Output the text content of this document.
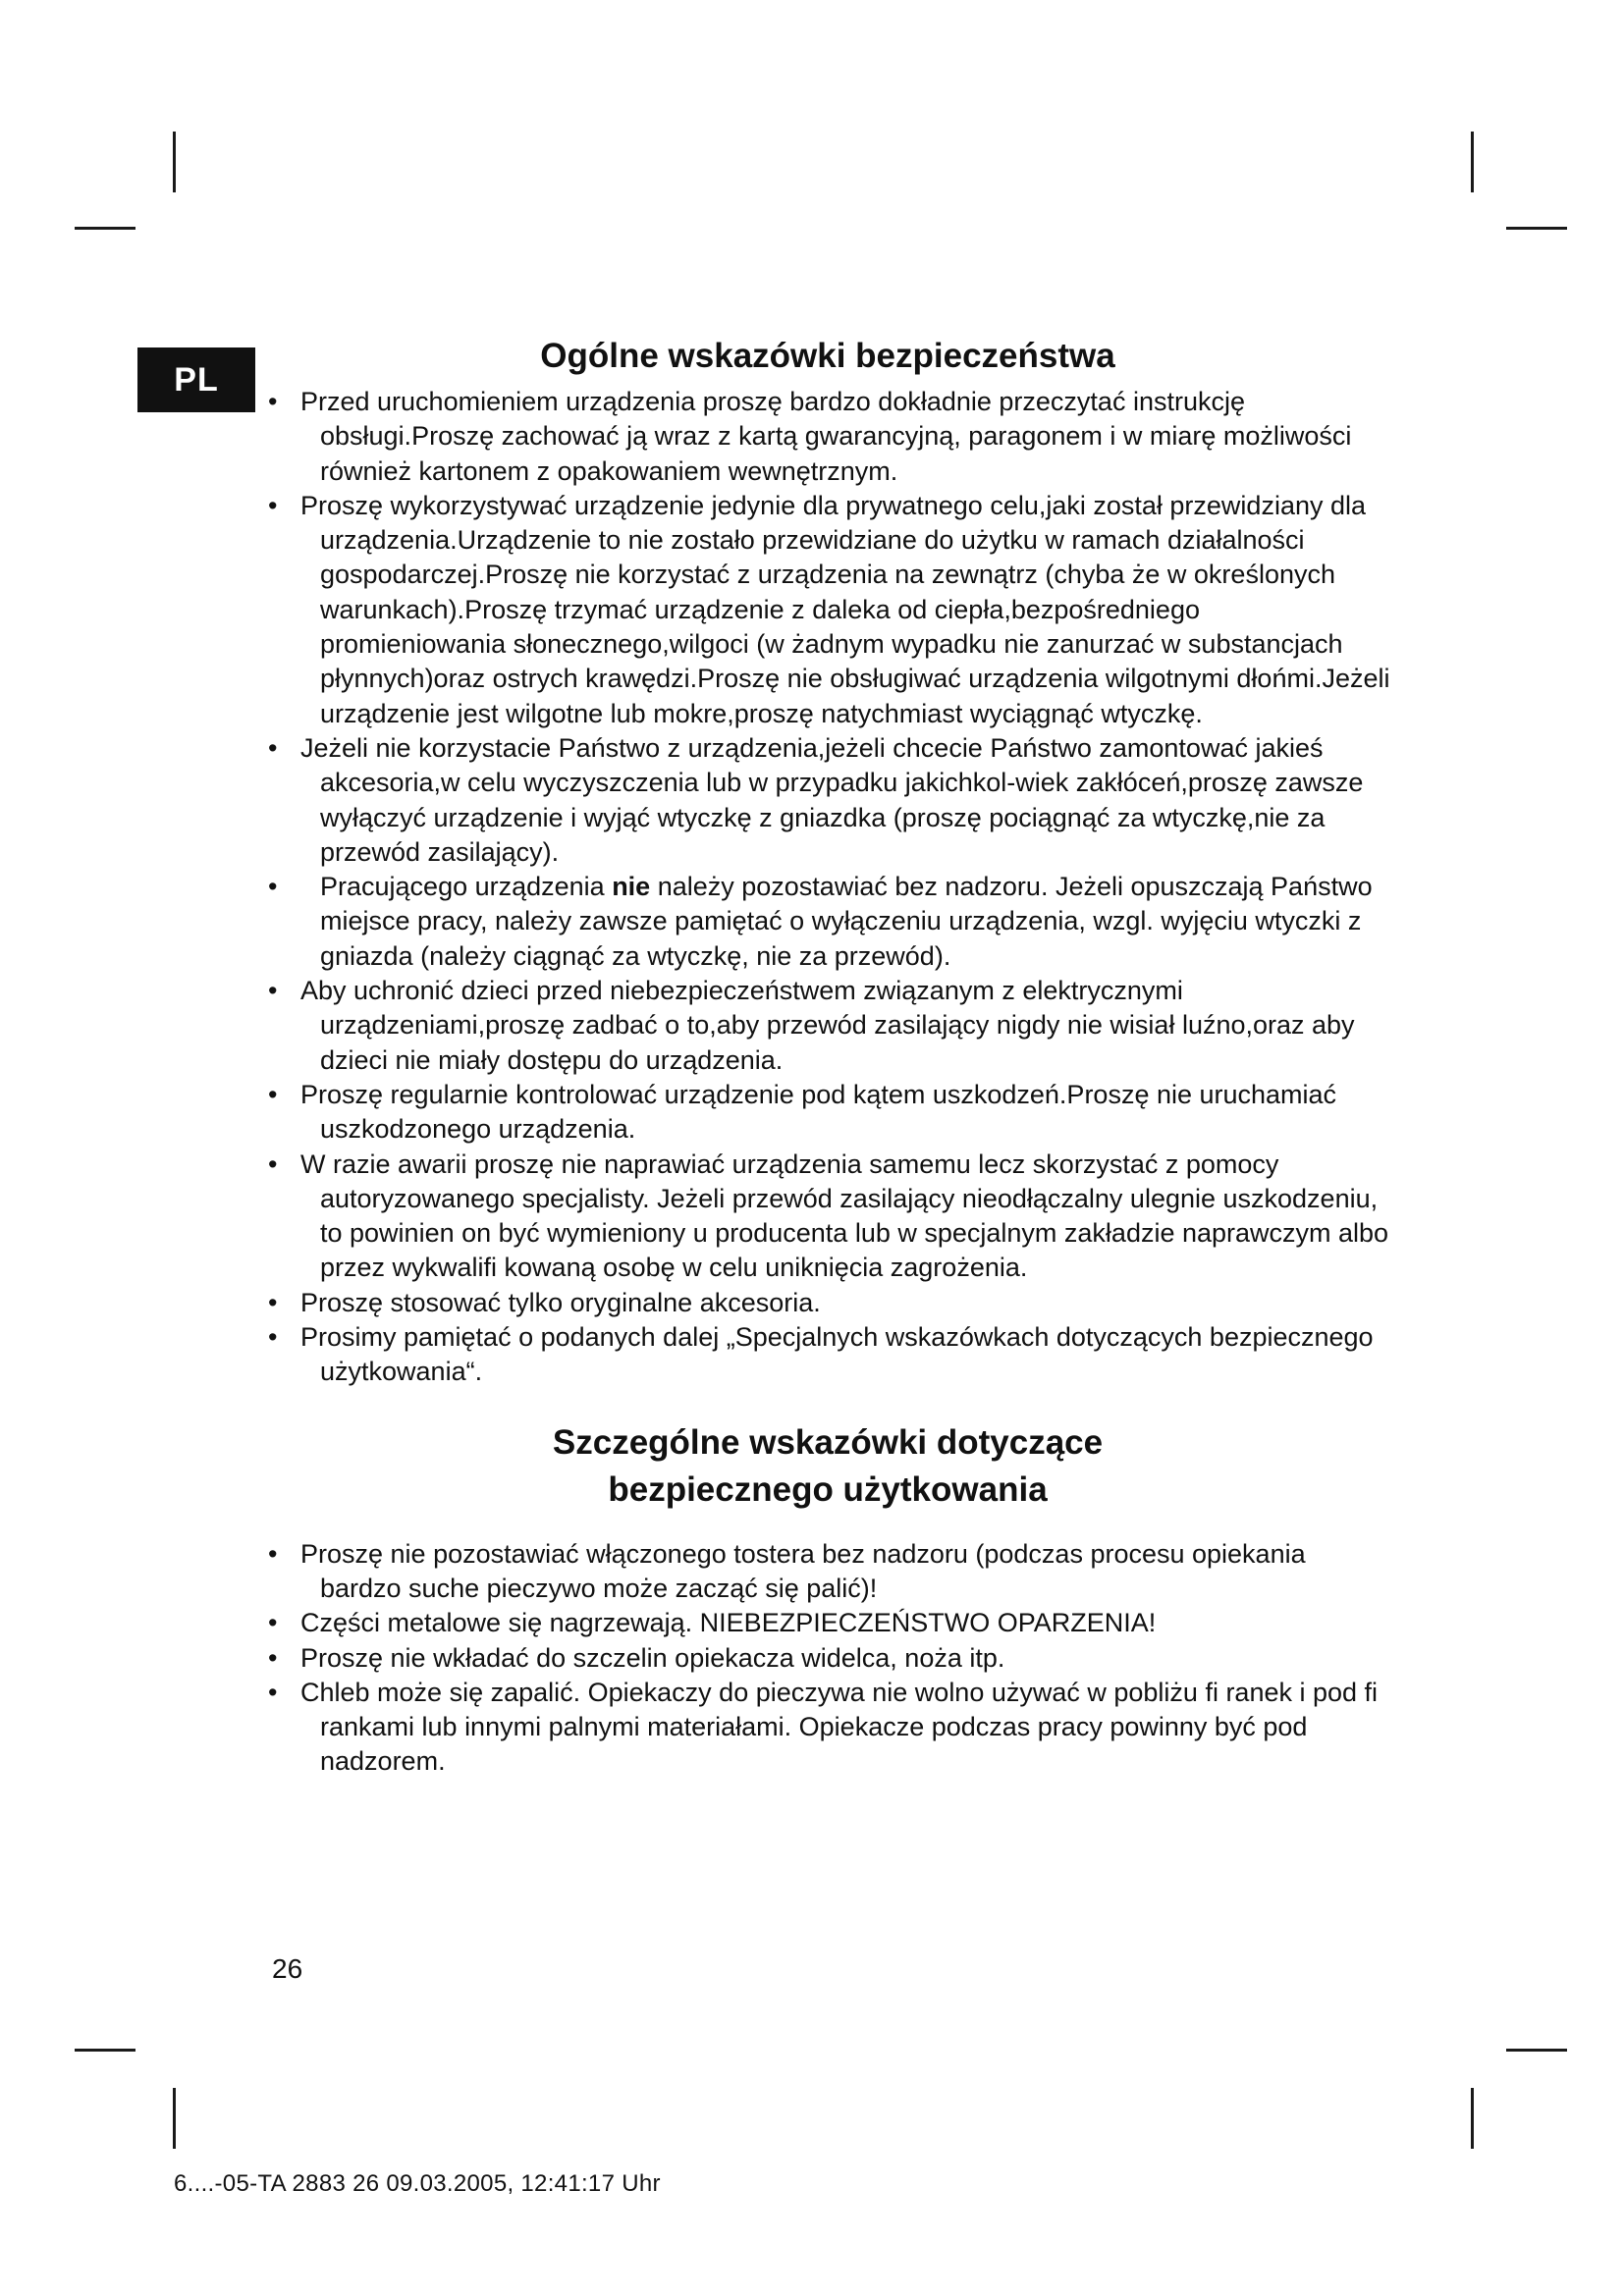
PL
Ogólne wskazówki bezpieczeństwa
• Przed uruchomieniem urządzenia proszę bardzo dokładnie przeczytać instrukcję obsługi.Proszę zachować ją wraz z kartą gwarancyjną, paragonem i w miarę możliwości również kartonem z opakowaniem wewnętrznym.
• Proszę wykorzystywać urządzenie jedynie dla prywatnego celu,jaki został przewidziany dla urządzenia.Urządzenie to nie zostało przewidziane do użytku w ramach działalności gospodarczej.Proszę nie korzystać z urządzenia na zewnątrz (chyba że w określonych warunkach).Proszę trzymać urządzenie z daleka od ciepła,bezpośredniego promieniowania słonecznego,wilgoci (w żadnym wypadku nie zanurzać w substancjach płynnych)oraz ostrych krawędzi.Proszę nie obsługiwać urządzenia wilgotnymi dłońmi.Jeżeli urządzenie jest wilgotne lub mokre,proszę natychmiast wyciągnąć wtyczkę.
• Jeżeli nie korzystacie Państwo z urządzenia,jeżeli chcecie Państwo zamontować jakieś akcesoria,w celu wyczyszczenia lub w przypadku jakichkol-wiek zakłóceń,proszę zawsze wyłączyć urządzenie i wyjąć wtyczkę z gniazdka (proszę pociągnąć za wtyczkę,nie za przewód zasilający).
•	Pracującego urządzenia nie należy pozostawiać bez nadzoru. Jeżeli opuszczają Państwo miejsce pracy, należy zawsze pamiętać o wyłączeniu urządzenia, wzgl. wyjęciu wtyczki z gniazda (należy ciągnąć za wtyczkę, nie za przewód).
• Aby uchronić dzieci przed niebezpieczeństwem związanym z elektrycznymi urządzeniami,proszę zadbać o to,aby przewód zasilający nigdy nie wisiał luźno,oraz aby dzieci nie miały dostępu do urządzenia.
• Proszę regularnie kontrolować urządzenie pod kątem uszkodzeń.Proszę nie uruchamiać uszkodzonego urządzenia.
• W razie awarii proszę nie naprawiać urządzenia samemu lecz skorzystać z pomocy autoryzowanego specjalisty. Jeżeli przewód zasilający nieodłączalny ulegnie uszkodzeniu, to powinien on być wymieniony u producenta lub w specjalnym zakładzie naprawczym albo przez wykwalifi kowaną osobę w celu uniknięcia zagrożenia.
• Proszę stosować tylko oryginalne akcesoria.
• Prosimy pamiętać o podanych dalej „Specjalnych wskazówkach dotyczących bezpiecznego użytkowania“.
Szczególne wskazówki dotyczące
bezpiecznego użytkowania
• Proszę nie pozostawiać włączonego tostera bez nadzoru (podczas procesu opiekania bardzo suche pieczywo może zacząć się palić)!
• Części metalowe się nagrzewają. NIEBEZPIECZEŃSTWO OPARZENIA!
• Proszę nie wkładać do szczelin opiekacza widelca, noża itp.
• Chleb może się zapalić. Opiekaczy do pieczywa nie wolno używać w pobliżu fi ranek i pod fi rankami lub innymi palnymi materiałami. Opiekacze podczas pracy powinny być pod nadzorem.
26
6....-05-TA 2883 26 09.03.2005, 12:41:17 Uhr
